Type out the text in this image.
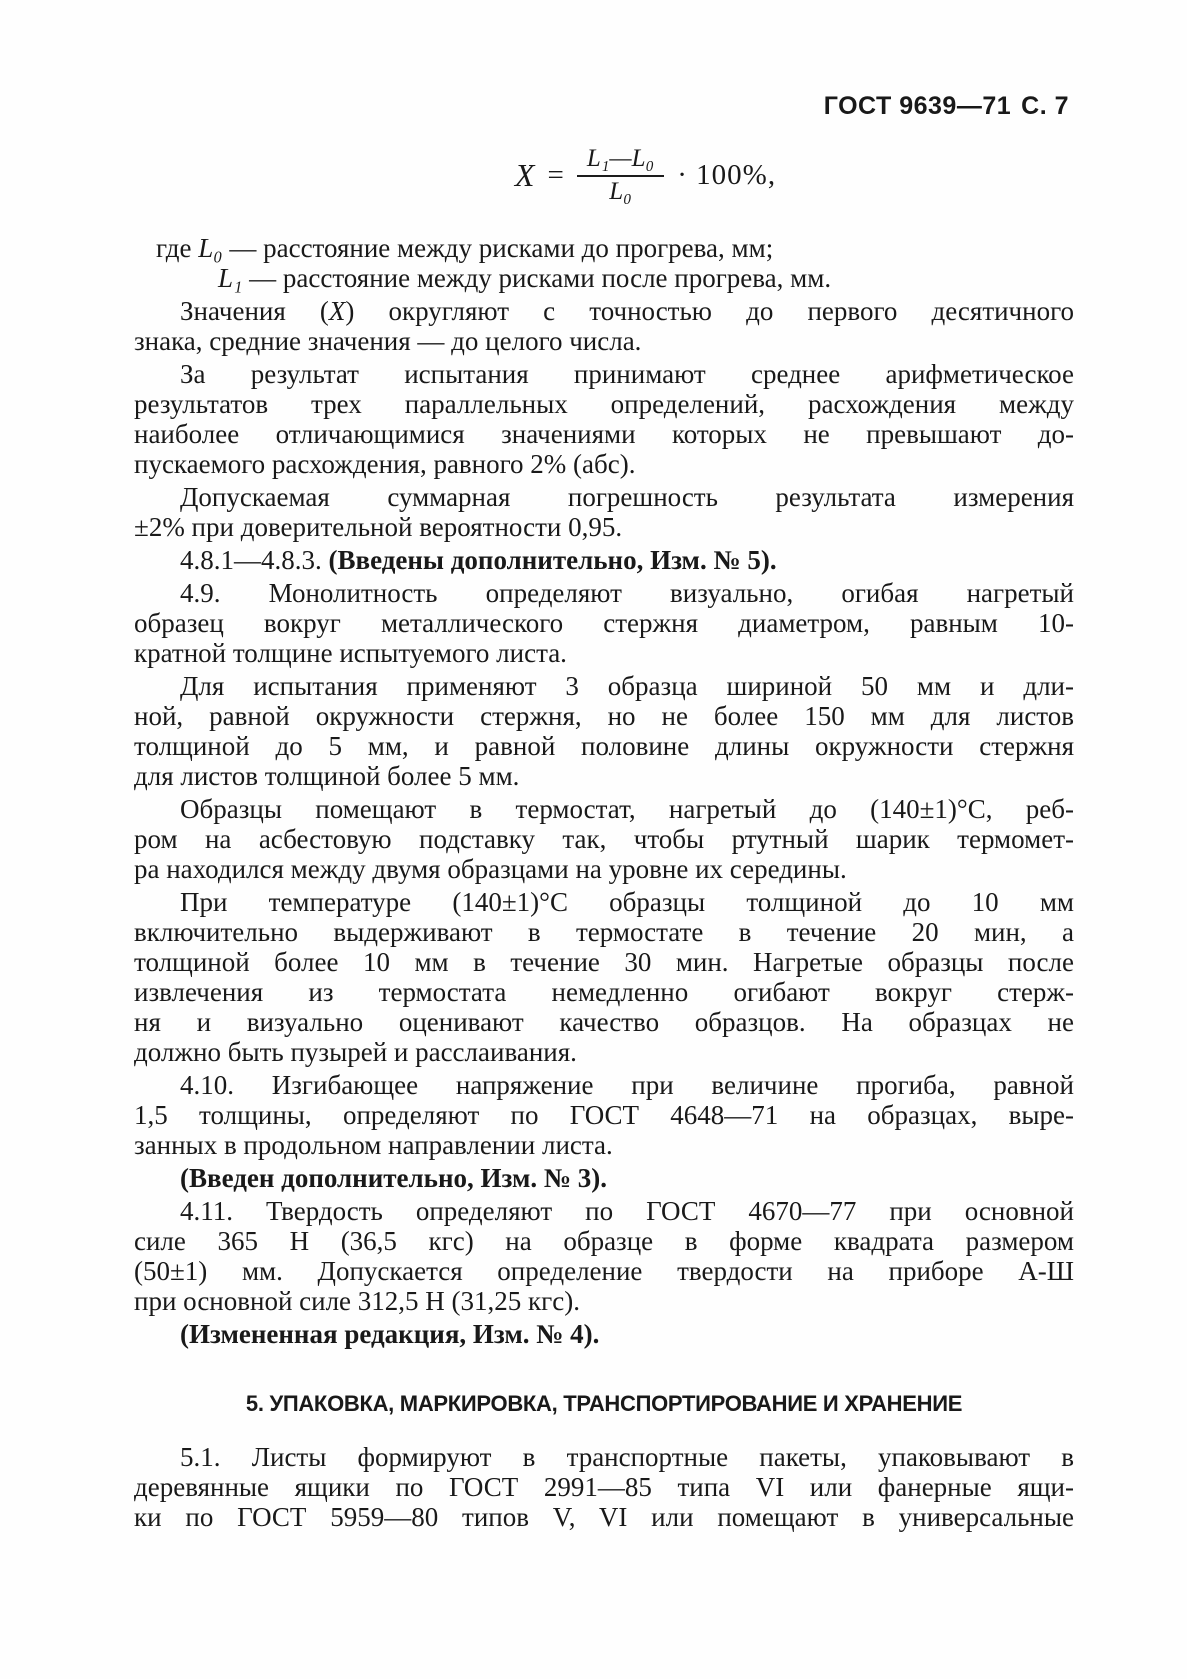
ГОСТ 9639—71 С. 7
$X = \frac{\text{L₁—L₀}}{\text{L₀}} \cdot 100\%$,
где L₀ — расстояние между рисками до прогрева, мм;
L₁ — расстояние между рисками после прогрева, мм.
Значения (X) округляют с точностью до первого десятичного
знака, средние значения — до целого числа.
За результат испытания принимают среднее арифметическое
результатов трех параллельных определений, расхождения между
наиболее отличающимися значениями которых не превышают до-
пускаемого расхождения, равного 2% (абс).
Допускаемая суммарная погрешность результата измерения
±2% при доверительной вероятности 0,95.
4.8.1—4.8.3. (Введены дополнительно, Изм. № 5).
4.9. Монолитность определяют визуально, огибая нагретый
образец вокруг металлического стержня диаметром, равным 10-
кратной толщине испытуемого листа.
Для испытания применяют 3 образца шириной 50 мм и дли-
ной, равной окружности стержня, но не более 150 мм для листов
толщиной до 5 мм, и равной половине длины окружности стержня
для листов толщиной более 5 мм.
Образцы помещают в термостат, нагретый до (140±1)°С, реб-
ром на асбестовую подставку так, чтобы ртутный шарик термомет-
ра находился между двумя образцами на уровне их середины.
При температуре (140±1)°С образцы толщиной до 10 мм
включительно выдерживают в термостате в течение 20 мин, а
толщиной более 10 мм в течение 30 мин. Нагретые образцы после
извлечения из термостата немедленно огибают вокруг стерж-
ня и визуально оценивают качество образцов. На образцах не
должно быть пузырей и расслаивания.
4.10. Изгибающее напряжение при величине прогиба, равной
1,5 толщины, определяют по ГОСТ 4648—71 на образцах, выре-
занных в продольном направлении листа.
(Введен дополнительно, Изм. № 3).
4.11. Твердость определяют по ГОСТ 4670—77 при основной
силе 365 Н (36,5 кгс) на образце в форме квадрата размером
(50±1) мм. Допускается определение твердости на приборе А-Ш
при основной силе 312,5 Н (31,25 кгс).
(Измененная редакция, Изм. № 4).
5. УПАКОВКА, МАРКИРОВКА, ТРАНСПОРТИРОВАНИЕ И ХРАНЕНИЕ
5.1. Листы формируют в транспортные пакеты, упаковывают в
деревянные ящики по ГОСТ 2991—85 типа VI или фанерные ящи-
ки по ГОСТ 5959—80 типов V, VI или помещают в универсальные
